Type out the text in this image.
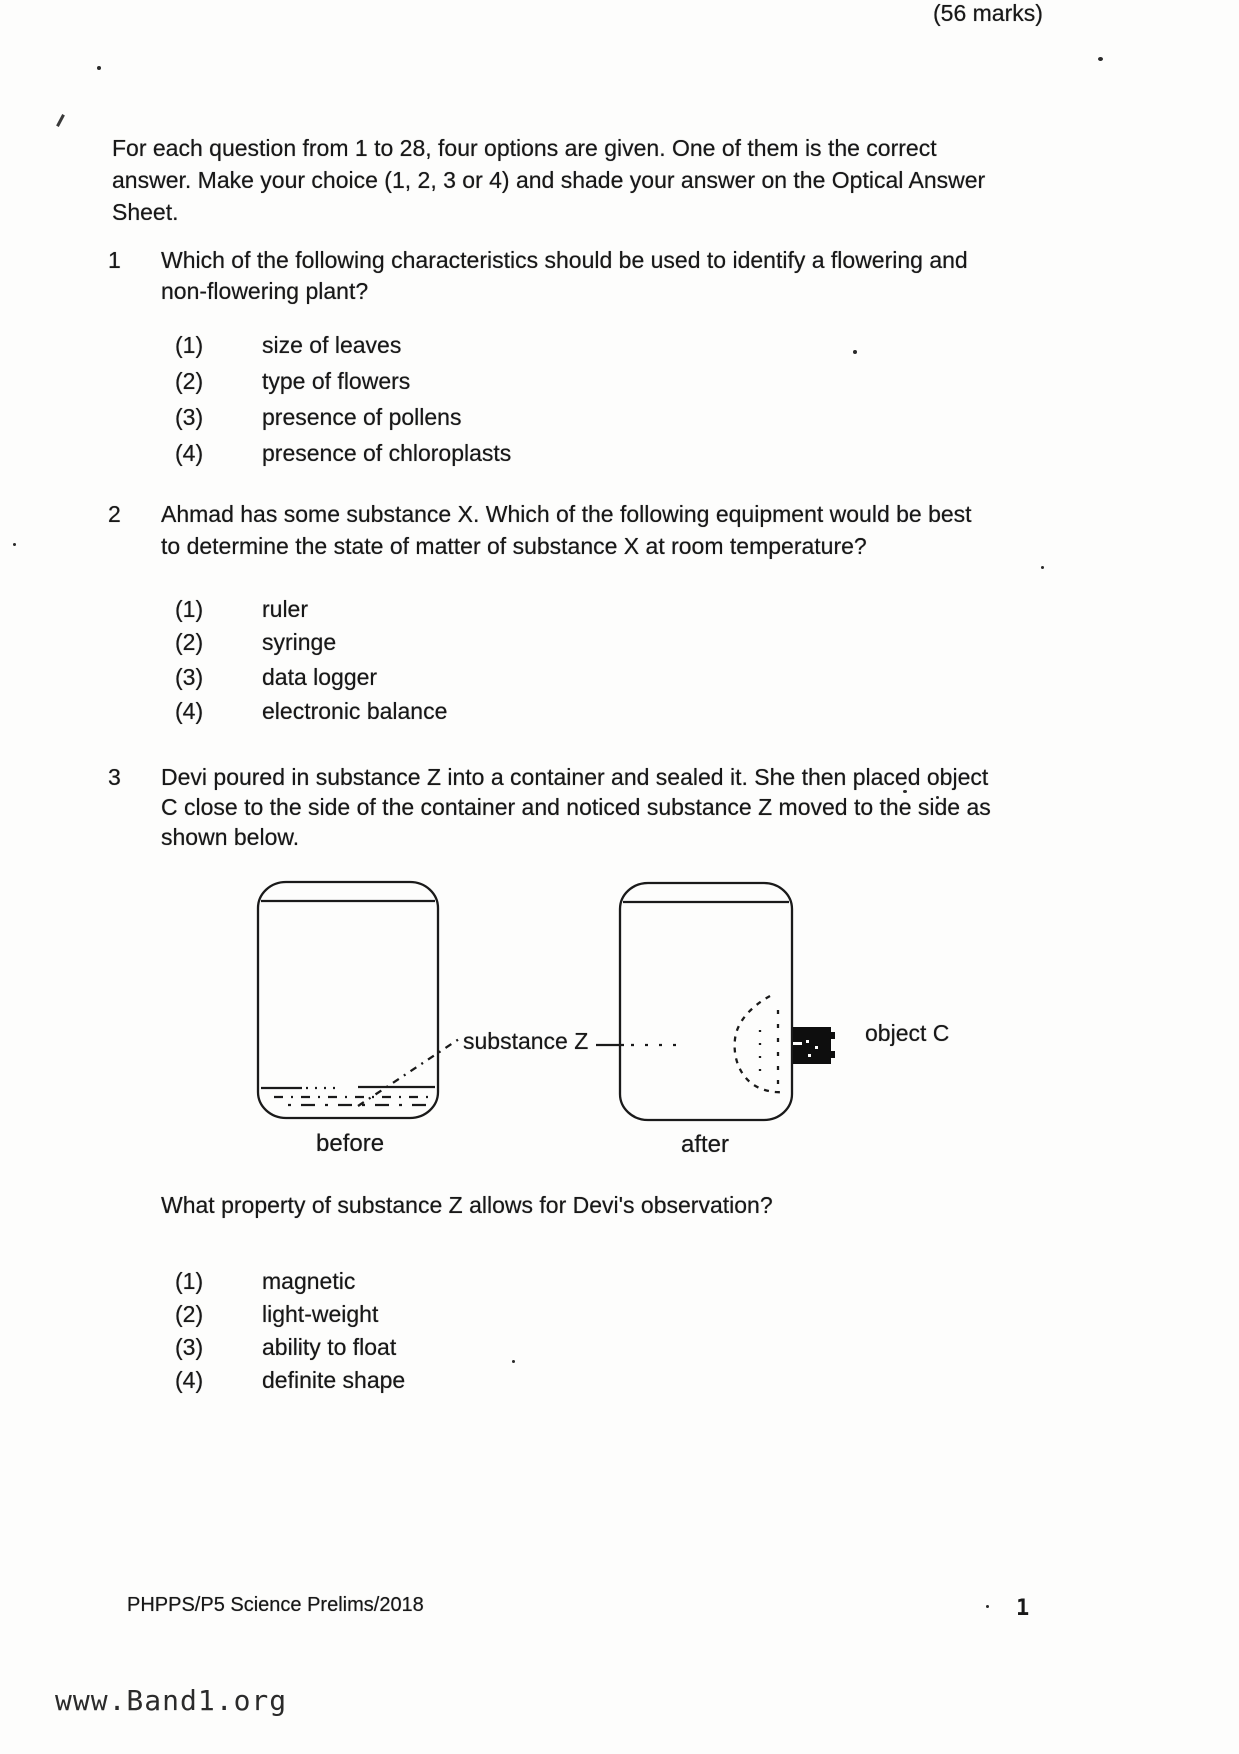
For each question from 1 to 28, four options are given. One of them is the correct
answer. Make your choice (1, 2, 3 or 4) and shade your answer on the Optical Answer
Sheet.
(56 marks)
1 Which of the following characteristics should be used to identify a flowering and
non-flowering plant?
(1)	size of leaves
(2)	type of flowers
(3)	presence of pollens
(4)	presence of chloroplasts
2 Ahmad has some substance X. Which of the following equipment would be best
to determine the state of matter of substance X at room temperature?
(1)	ruler
(2)	syringe
(3)	data logger
(4)	electronic balance
3 Devi poured in substance Z into a container and sealed it. She then placed object
C close to the side of the container and noticed substance Z moved to the side as
shown below.
substance Z	object C
before	after
What property of substance Z allows for Devi's observation?
(1)	magnetic
(2)	light-weight
(3)	ability to float
(4)	definite shape
PHPPS/P5 Science Prelims/2018	1
www.Band1.org
